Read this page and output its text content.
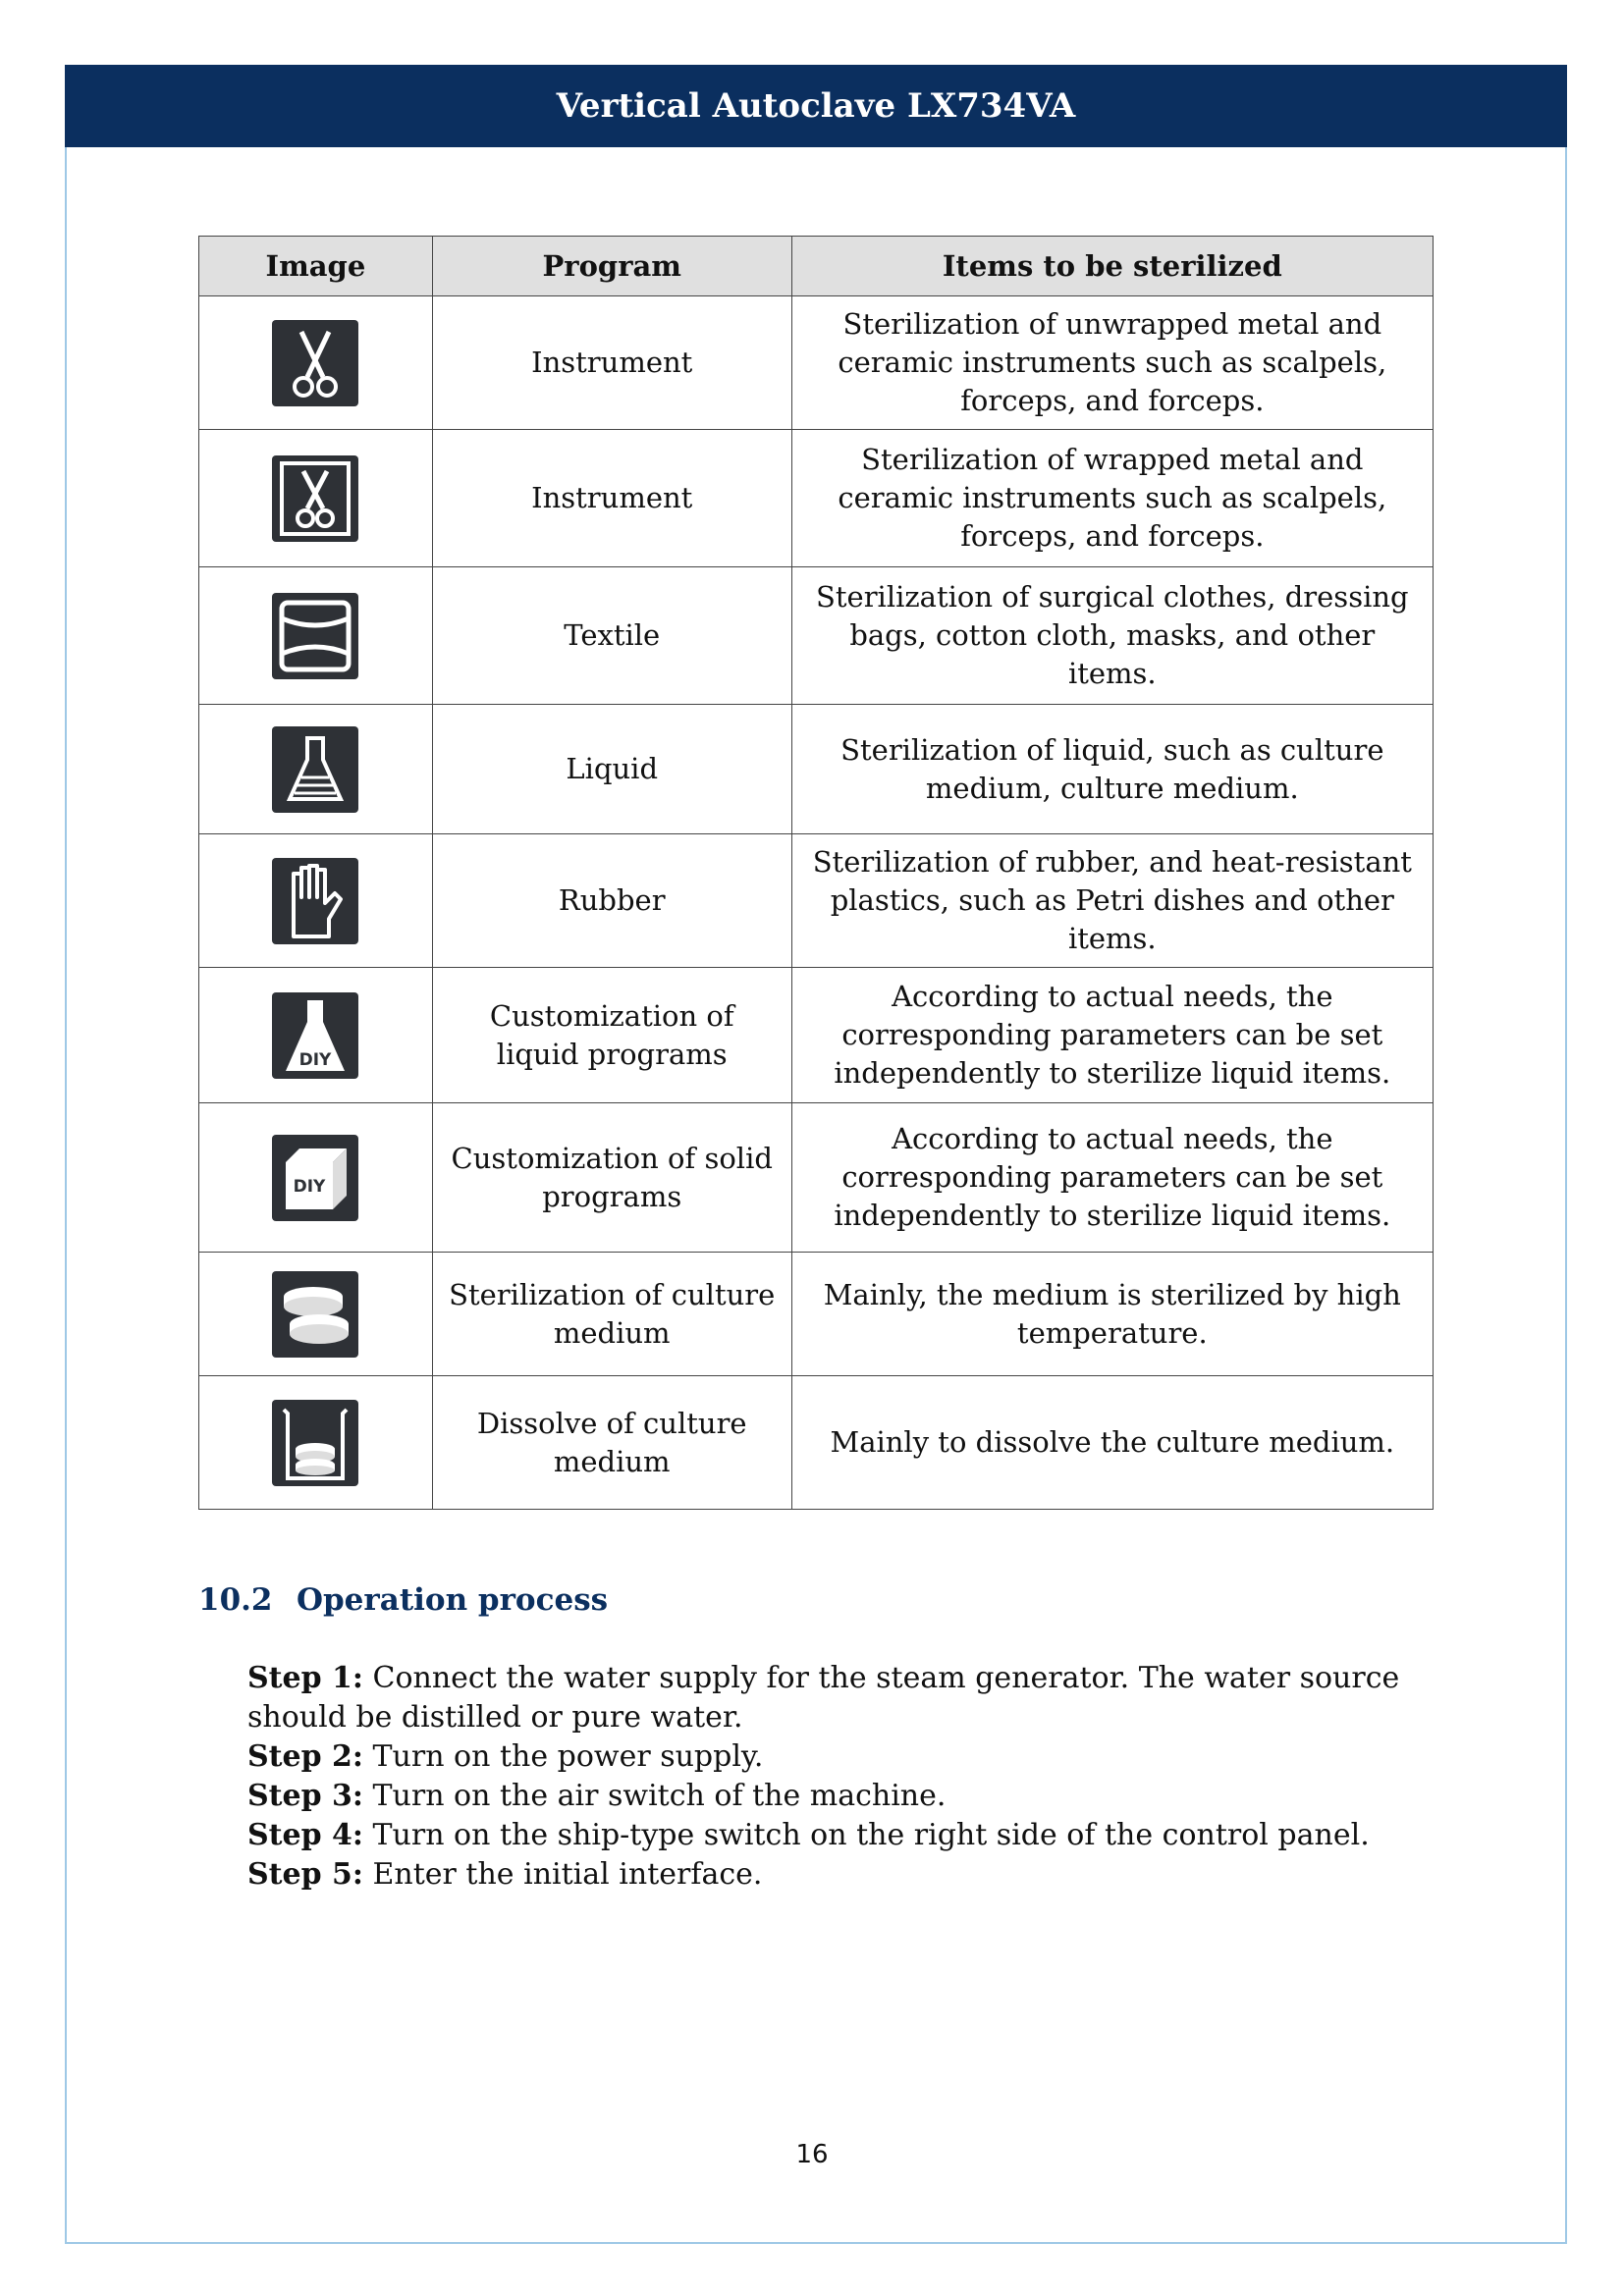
Vertical Autoclave LX734VA
Image	Program	Items to be sterilized

	Instrument	Sterilization of unwrapped metal and ceramic instruments such as scalpels, forceps, and forceps.

	Instrument	Sterilization of wrapped metal and ceramic instruments such as scalpels, forceps, and forceps.

	Textile	Sterilization of surgical clothes, dressing bags, cotton cloth, masks, and other items.

	Liquid	Sterilization of liquid, such as culture medium, culture medium.

	Rubber	Sterilization of rubber, and heat-resistant plastics, such as Petri dishes and other items.

DIY	Customization of liquid programs	According to actual needs, the corresponding parameters can be set independently to sterilize liquid items.

DIY	Customization of solid programs	According to actual needs, the corresponding parameters can be set independently to sterilize liquid items.

	Sterilization of culture medium	Mainly, the medium is sterilized by high temperature.

	Dissolve of culture medium	Mainly to dissolve the culture medium.
10.2 Operation process

Step 1: Connect the water supply for the steam generator. The water source should be distilled or pure water.

Step 2: Turn on the power supply.

Step 3: Turn on the air switch of the machine.

Step 4: Turn on the ship-type switch on the right side of the control panel.

Step 5: Enter the initial interface.

16
